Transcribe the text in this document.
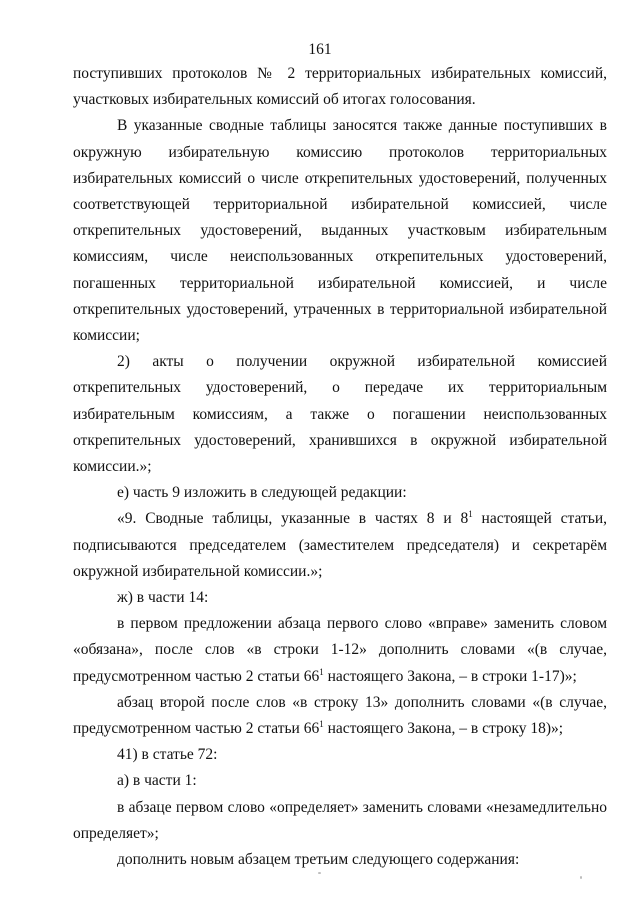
161

поступивших протоколов № 2 территориальных избирательных комиссий, участковых избирательных комиссий об итогах голосования.

В указанные сводные таблицы заносятся также данные поступивших в окружную избирательную комиссию протоколов территориальных избирательных комиссий о числе открепительных удостоверений, полученных соответствующей территориальной избирательной комиссией, числе открепительных удостоверений, выданных участковым избирательным комиссиям, числе неиспользованных открепительных удостоверений, погашенных территориальной избирательной комиссией, и числе открепительных удостоверений, утраченных в территориальной избирательной комиссии;

2) акты о получении окружной избирательной комиссией открепительных удостоверений, о передаче их территориальным избирательным комиссиям, а также о погашении неиспользованных открепительных удостоверений, хранившихся в окружной избирательной комиссии.»;

е) часть 9 изложить в следующей редакции:

«9. Сводные таблицы, указанные в частях 8 и $8^1$ настоящей статьи, подписываются председателем (заместителем председателя) и секретарём окружной избирательной комиссии.»;

ж) в части 14:

в первом предложении абзаца первого слово «вправе» заменить словом «обязана», после слов «в строки 1-12» дополнить словами «(в случае, предусмотренном частью 2 статьи $66^1$ настоящего Закона, – в строки 1-17)»;

абзац второй после слов «в строку 13» дополнить словами «(в случае, предусмотренном частью 2 статьи $66^1$ настоящего Закона, – в строку 18)»;

41) в статье 72:

а) в части 1:

в абзаце первом слово «определяет» заменить словами «незамедлительно определяет»;

дополнить новым абзацем третьим следующего содержания:
